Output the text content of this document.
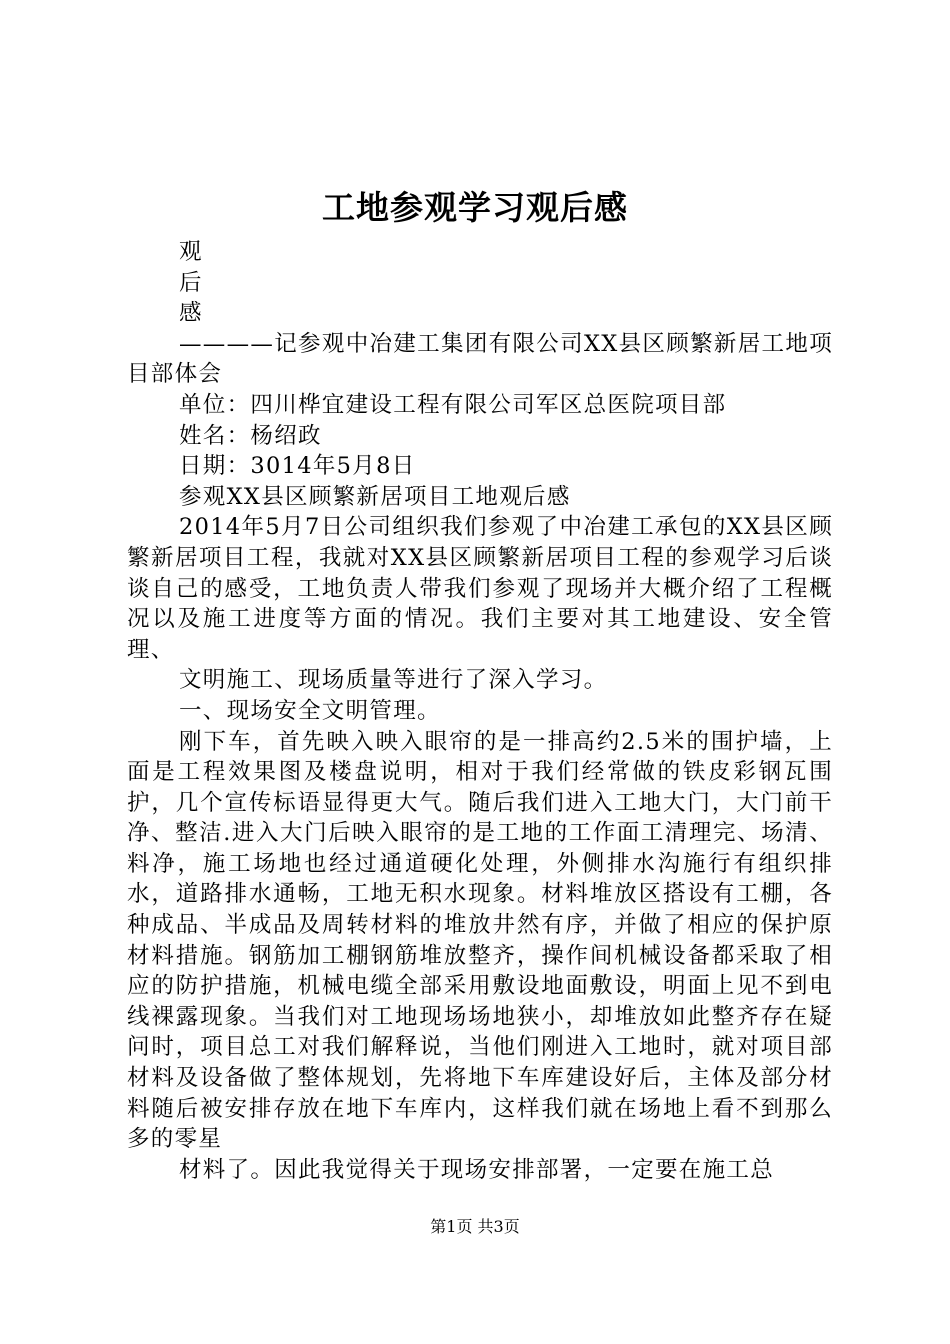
工地参观学习观后感

观

后

感

————记参观中冶建工集团有限公司XX县区顾繁新居工地项目部体会

单位：四川桦宜建设工程有限公司军区总医院项目部

姓名：杨绍政

日期：3014年5月8日

参观XX县区顾繁新居项目工地观后感

2014年5月7日公司组织我们参观了中冶建工承包的XX县区顾繁新居项目工程，我就对XX县区顾繁新居项目工程的参观学习后谈谈自己的感受，工地负责人带我们参观了现场并大概介绍了工程概况以及施工进度等方面的情况。我们主要对其工地建设、安全管理、

文明施工、现场质量等进行了深入学习。

一、现场安全文明管理。

刚下车，首先映入映入眼帘的是一排高约2.5米的围护墙，上面是工程效果图及楼盘说明，相对于我们经常做的铁皮彩钢瓦围护，几个宣传标语显得更大气。随后我们进入工地大门，大门前干净、整洁.进入大门后映入眼帘的是工地的工作面工清理完、场清、料净，施工场地也经过通道硬化处理，外侧排水沟施行有组织排水，道路排水通畅，工地无积水现象。材料堆放区搭设有工棚，各种成品、半成品及周转材料的堆放井然有序，并做了相应的保护原材料措施。钢筋加工棚钢筋堆放整齐，操作间机械设备都采取了相应的防护措施，机械电缆全部采用敷设地面敷设，明面上见不到电线裸露现象。当我们对工地现场场地狭小，却堆放如此整齐存在疑问时，项目总工对我们解释说，当他们刚进入工地时，就对项目部材料及设备做了整体规划，先将地下车库建设好后，主体及部分材料随后被安排存放在地下车库内，这样我们就在场地上看不到那么多的零星

材料了。因此我觉得关于现场安排部署，一定要在施工总

第1页 共3页
